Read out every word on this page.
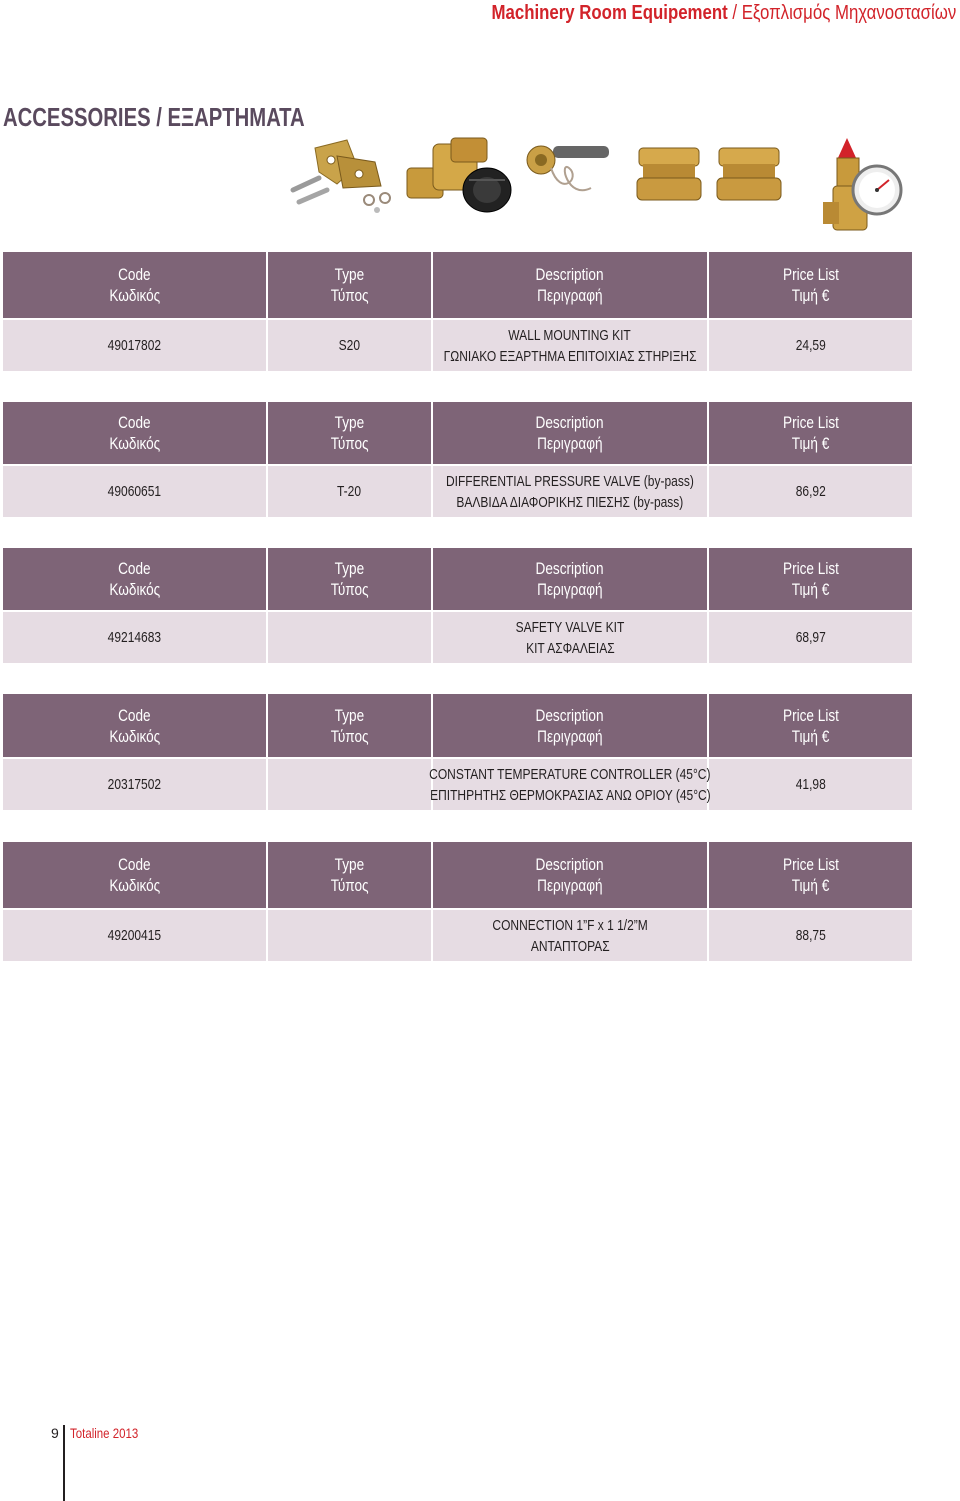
Machinery Room Equipement / Εξοπλισμός Μηχανοστασίων
ACCESSORIES / ΕΞΑΡΤΗΜΑΤΑ
Code
Κωδικός
Type
Τύπος
Description
Περιγραφή
Price List
Τιμή €
49017802	S20
WALL MOUNTING KIT
ΓΩΝΙΑΚΟ ΕΞΑΡΤΗΜΑ ΕΠΙΤΟΙΧΙΑΣ ΣΤΗΡΙΞΗΣ
24,59
Code
Κωδικός
Type
Τύπος
Description
Περιγραφή
Price List
Τιμή €
49060651	T-20
DIFFERENTIAL PRESSURE VALVE (by-pass)
ΒΑΛΒΙΔΑ ΔΙΑΦΟΡΙΚΗΣ ΠΙΕΣΗΣ (by-pass)
86,92
Code
Κωδικός
Type
Τύπος
Description
Περιγραφή
Price List
Τιμή €
49214683
SAFETY VALVE KIT
ΚΙΤ ΑΣΦΑΛΕΙΑΣ
68,97
Code
Κωδικός
Type
Τύπος
Description
Περιγραφή
Price List
Τιμή €
20317502
CONSTANT TEMPERATURE CONTROLLER (45°C)
ΕΠΙΤΗΡΗΤΗΣ ΘΕΡΜΟΚΡΑΣΙΑΣ ΑΝΩ ΟΡΙΟΥ (45°C)
41,98
Code
Κωδικός
Type
Τύπος
Description
Περιγραφή
Price List
Τιμή €
49200415
CONNECTION 1”F x 1 1/2”M
ΑΝΤΑΠΤΟΡΑΣ
88,75
9 Totaline 2013
